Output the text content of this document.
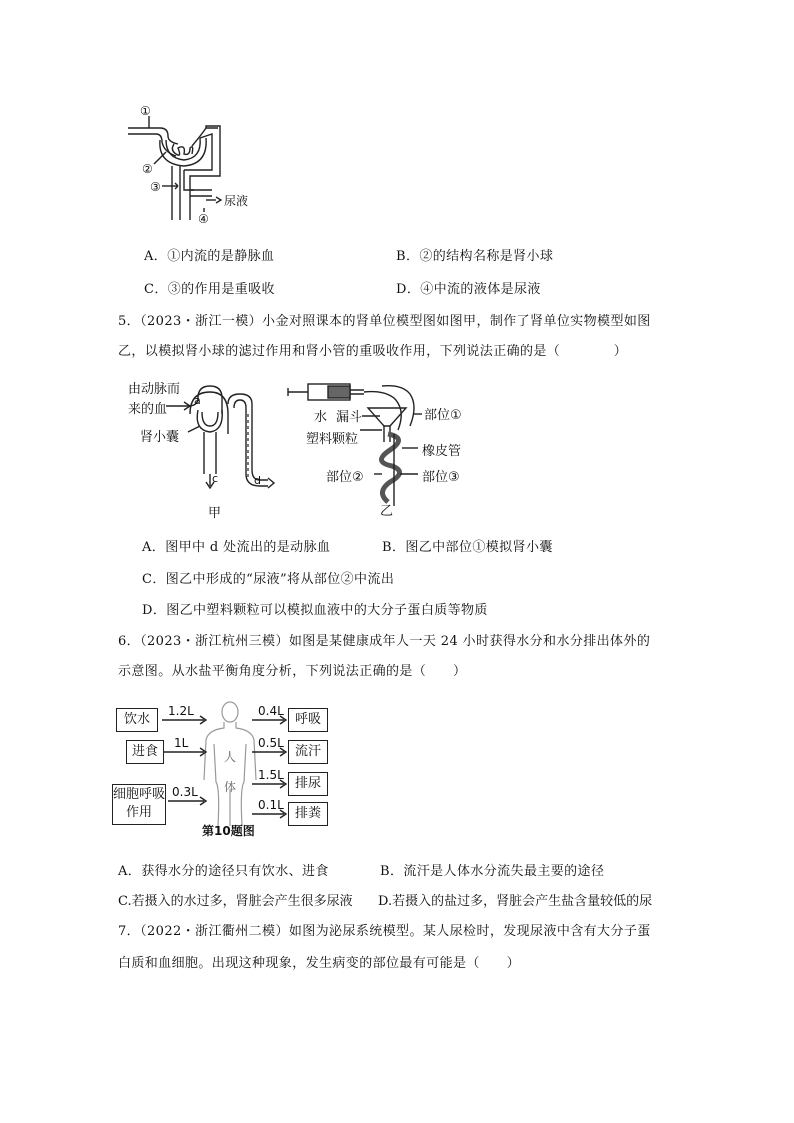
①
②
③
④
尿液
A．①内流的是静脉血	B．②的结构名称是肾小球
C．③的作用是重吸收	D．④中流的液体是尿液
5．（2023・浙江一模）小金对照课本的肾单位模型图如图甲，制作了肾单位实物模型如图
乙，以模拟肾小球的滤过作用和肾小管的重吸收作用，下列说法正确的是（　　　　）
由动脉而
来的血
a
肾小囊
c	d
甲
水 漏斗	部位①
塑料颗粒
橡皮管
部位②	部位③
乙
A．图甲中 d 处流出的是动脉血	B．图乙中部位①模拟肾小囊
C．图乙中形成的“尿液”将从部位②中流出
D．图乙中塑料颗粒可以模拟血液中的大分子蛋白质等物质
6．（2023・浙江杭州三模）如图是某健康成年人一天 24 小时获得水分和水分排出体外的
示意图。从水盐平衡角度分析，下列说法正确的是（　　）
人
体
饮水
1.2L
进食
1L
细胞呼吸作用
0.3L
0.4L
呼吸
0.5L
流汗
1.5L
排尿
0.1L
排粪
第10题图
A．获得水分的途径只有饮水、进食	B．流汗是人体水分流失最主要的途径
C.若摄入的水过多，肾脏会产生很多尿液 D.若摄入的盐过多，肾脏会产生盐含量较低的尿
7．（2022・浙江衢州二模）如图为泌尿系统模型。某人尿检时，发现尿液中含有大分子蛋
白质和血细胞。出现这种现象，发生病变的部位最有可能是（　　）
